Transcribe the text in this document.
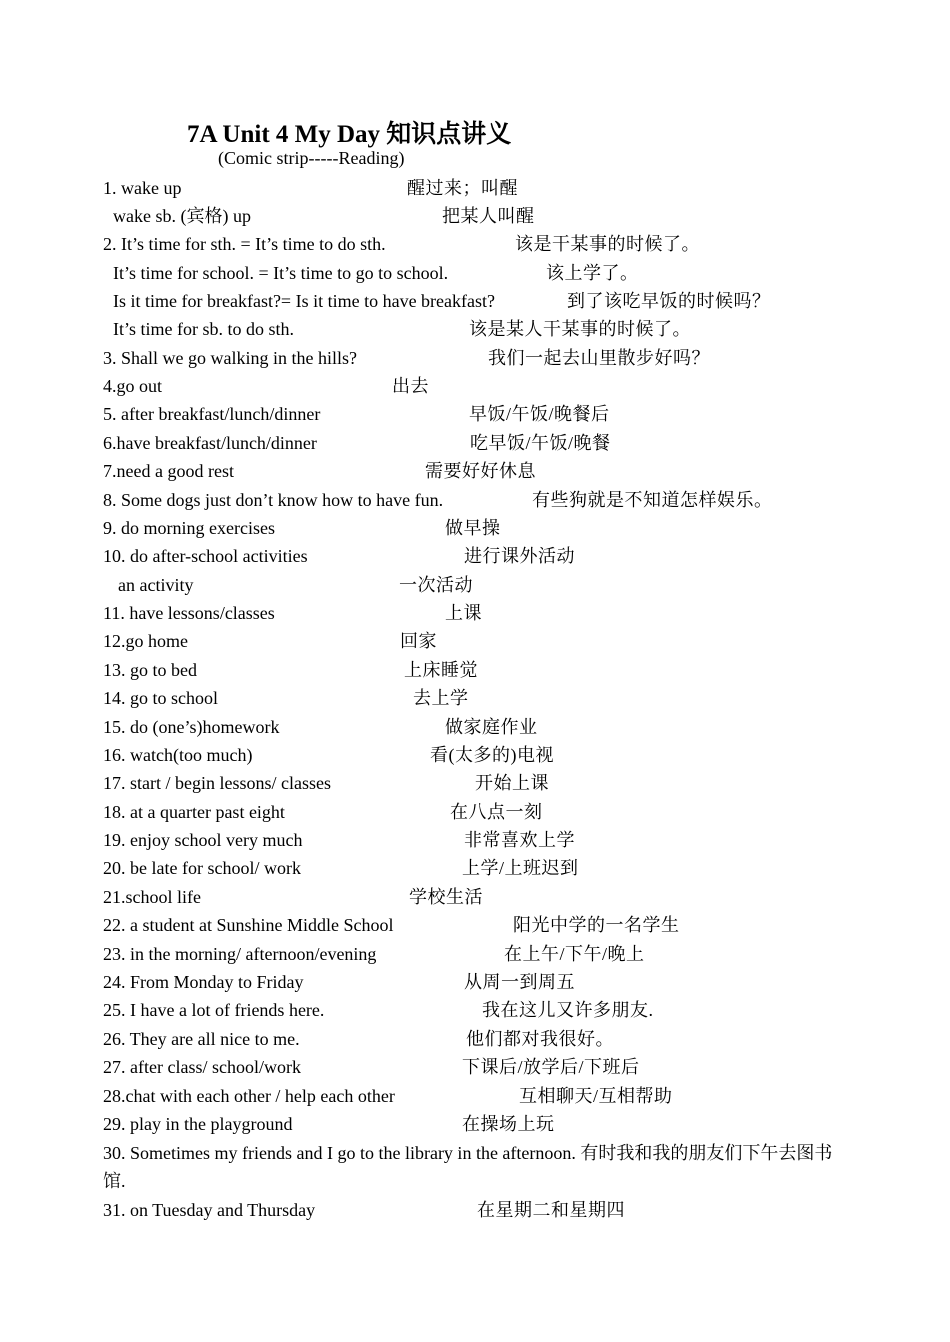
7A Unit 4 My Day 知识点讲义
(Comic strip-----Reading)
1. wake up	醒过来；叫醒
wake sb. (宾格) up	把某人叫醒
2. It’s time for sth. = It’s time to do sth.	该是干某事的时候了。
It’s time for school. = It’s time to go to school.	该上学了。
Is it time for breakfast?= Is it time to have breakfast?	到了该吃早饭的时候吗？
It’s time for sb. to do sth.	该是某人干某事的时候了。
3. Shall we go walking in the hills?	我们一起去山里散步好吗？
4.go out	出去
5. after breakfast/lunch/dinner	早饭/午饭/晚餐后
6.have breakfast/lunch/dinner	吃早饭/午饭/晚餐
7.need a good rest	需要好好休息
8. Some dogs just don’t know how to have fun.	有些狗就是不知道怎样娱乐。
9. do morning exercises	做早操
10. do after-school activities	进行课外活动
an activity	一次活动
11. have lessons/classes	上课
12.go home	回家
13. go to bed	上床睡觉
14. go to school	去上学
15. do (one’s)homework	做家庭作业
16. watch(too much)	看(太多的)电视
17. start / begin lessons/ classes	开始上课
18. at a quarter past eight	在八点一刻
19. enjoy school very much	非常喜欢上学
20. be late for school/ work	上学/上班迟到
21.school life	学校生活
22. a student at Sunshine Middle School	阳光中学的一名学生
23. in the morning/ afternoon/evening	在上午/下午/晚上
24. From Monday to Friday	从周一到周五
25. I have a lot of friends here.	我在这儿又许多朋友.
26. They are all nice to me.	他们都对我很好。
27. after class/ school/work	下课后/放学后/下班后
28.chat with each other / help each other	互相聊天/互相帮助
29. play in the playground	在操场上玩
30. Sometimes my friends and I go to the library in the afternoon. 有时我和我的朋友们下午去图书馆.
31. on Tuesday and Thursday	在星期二和星期四
